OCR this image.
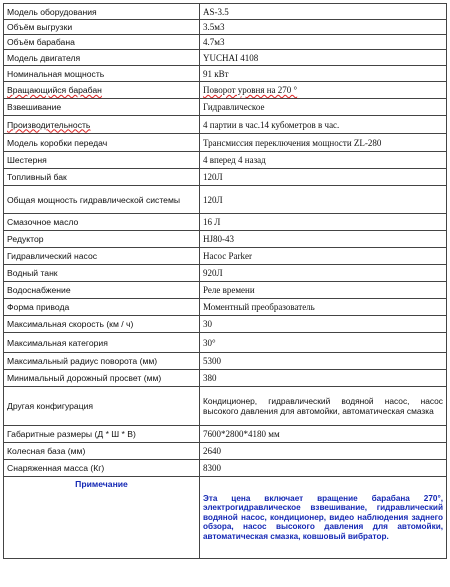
Модель оборудования	AS-3.5
Объём выгрузки	3.5м3
Объём барабана	4.7м3
Модель двигателя	YUCHAI 4108
Номинальная мощность	91 кВт
Вращающийся барабан	Поворот уровня на 270 °
Взвешивание	Гидравлическое
Производительность	4 партии в час.14 кубометров в час.
Модель коробки передач	Трансмиссия переключения мощности ZL-280
Шестерня	4 вперед 4 назад
Топливный бак	120Л
Общая мощность гидравлической системы	120Л
Смазочное масло	16 Л
Редуктор	HJ80-43
Гидравлический насос	Насос Parker
Водный танк	920Л
Водоснабжение	Реле времени
Форма привода	Моментный преобразователь
Максимальная скорость (км / ч)	30
Максимальная категория	30°
Максимальный радиус поворота (мм)	5300
Минимальный дорожный просвет (мм)	380
Другая конфигурация	Кондиционер, гидравлический водяной насос, насос высокого давления для автомойки, автоматическая смазка
Габаритные размеры (Д * Ш * В)	7600*2800*4180 мм
Колесная база (мм)	2640
Снаряженная масса (Кг)	8300
Примечание	Эта цена включает вращение барабана 270°, электрогидравлическое взвешивание, гидравлический водяной насос, кондиционер, видео наблюдения заднего обзора, насос высокого давления для автомойки, автоматическая смазка, ковшовый вибратор.
